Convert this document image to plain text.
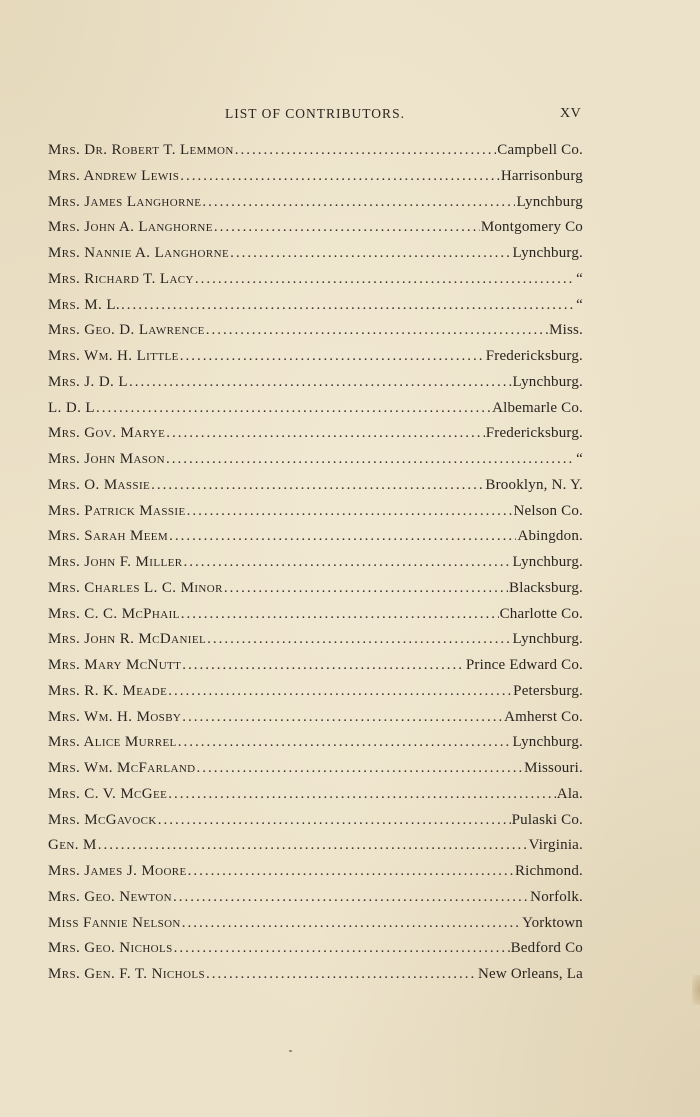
LIST OF CONTRIBUTORS.	XV
Mrs. Dr. Robert T. Lemmon .....	Campbell Co.
Mrs. Andrew Lewis .....	Harrisonburg
Mrs. James Langhorne .....	Lynchburg
Mrs. John A. Langhorne .....	Montgomery Co
Mrs. Nannie A. Langhorne .....	Lynchburg.
Mrs. Richard T. Lacy .....	“
Mrs. M. L. .....	“
Mrs. Geo. D. Lawrence .....	Miss.
Mrs. Wm. H. Little .....	Fredericksburg.
Mrs. J. D. L .....	Lynchburg.
L. D. L .....	Albemarle Co.
Mrs. Gov. Marye .....	Fredericksburg.
Mrs. John Mason .....	“
Mrs. O. Massie .....	Brooklyn, N. Y.
Mrs. Patrick Massie .....	Nelson Co.
Mrs. Sarah Meem .....	Abingdon.
Mrs. John F. Miller .....	Lynchburg.
Mrs. Charles L. C. Minor .....	Blacksburg.
Mrs. C. C. McPhail .....	Charlotte Co.
Mrs. John R. McDaniel .....	Lynchburg.
Mrs. Mary McNutt .....	Prince Edward Co.
Mrs. R. K. Meade .....	Petersburg.
Mrs. Wm. H. Mosby .....	Amherst Co.
Mrs. Alice Murrel .....	Lynchburg.
Mrs. Wm. McFarland .....	Missouri.
Mrs. C. V. McGee .....	Ala.
Mrs. McGavock .....	Pulaski Co.
Gen. M .....	Virginia.
Mrs. James J. Moore .....	Richmond.
Mrs. Geo. Newton .....	Norfolk.
Miss Fannie Nelson .....	Yorktown
Mrs. Geo. Nichols .....	Bedford Co
Mrs. Gen. F. T. Nichols .....	New Orleans, La
